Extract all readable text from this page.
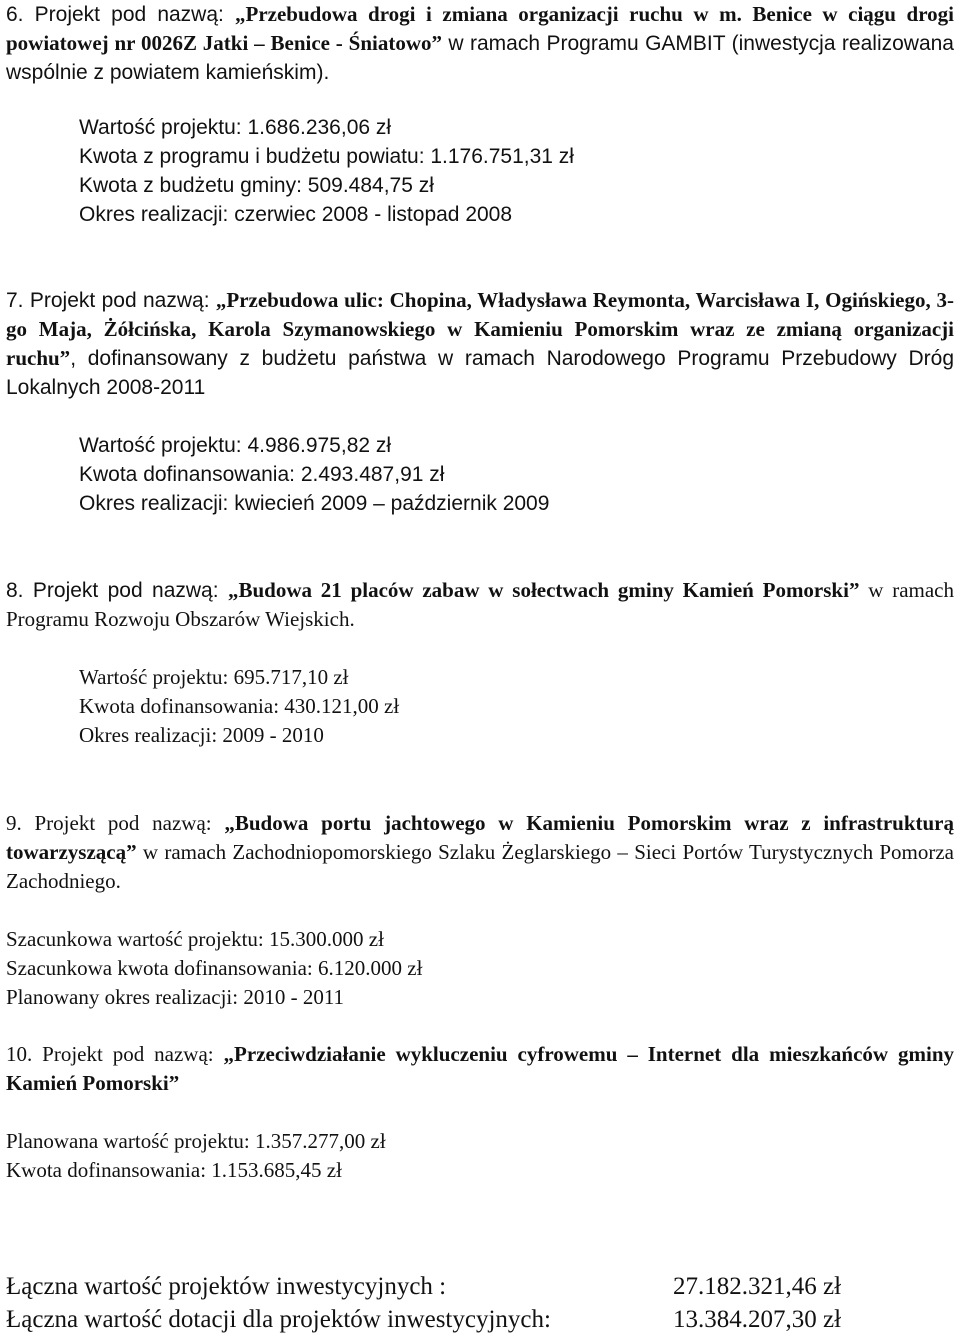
6. Projekt pod nazwą: „Przebudowa drogi i zmiana organizacji ruchu w m. Benice w ciągu drogi powiatowej nr 0026Z Jatki – Benice - Śniatowo” w ramach Programu GAMBIT (inwestycja realizowana wspólnie z powiatem kamieńskim).

Wartość projektu: 1.686.236,06 zł
Kwota z programu i budżetu powiatu: 1.176.751,31 zł
Kwota z budżetu gminy: 509.484,75 zł
Okres realizacji: czerwiec 2008 - listopad 2008

7. Projekt pod nazwą: „Przebudowa ulic: Chopina, Władysława Reymonta, Warcisława I, Ogińskiego, 3-go Maja, Żółcińska, Karola Szymanowskiego w Kamieniu Pomorskim wraz ze zmianą organizacji ruchu”, dofinansowany z budżetu państwa w ramach Narodowego Programu Przebudowy Dróg Lokalnych 2008-2011

Wartość projektu: 4.986.975,82 zł
Kwota dofinansowania: 2.493.487,91 zł
Okres realizacji: kwiecień 2009 – październik 2009

8. Projekt pod nazwą: „Budowa 21 placów zabaw w sołectwach gminy Kamień Pomorski” w ramach Programu Rozwoju Obszarów Wiejskich.

Wartość projektu: 695.717,10 zł
Kwota dofinansowania: 430.121,00 zł
Okres realizacji: 2009 - 2010

9. Projekt pod nazwą: „Budowa portu jachtowego w Kamieniu Pomorskim wraz z infrastrukturą towarzyszącą” w ramach Zachodniopomorskiego Szlaku Żeglarskiego – Sieci Portów Turystycznych Pomorza Zachodniego.

Szacunkowa wartość projektu: 15.300.000 zł
Szacunkowa kwota dofinansowania: 6.120.000 zł
Planowany okres realizacji: 2010 - 2011

10. Projekt pod nazwą: „Przeciwdziałanie wykluczeniu cyfrowemu – Internet dla mieszkańców gminy Kamień Pomorski”

Planowana wartość projektu: 1.357.277,00 zł
Kwota dofinansowania: 1.153.685,45 zł
Łączna wartość projektów inwestycyjnych :	27.182.321,46 zł
Łączna wartość dotacji dla projektów inwestycyjnych:	13.384.207,30 zł
